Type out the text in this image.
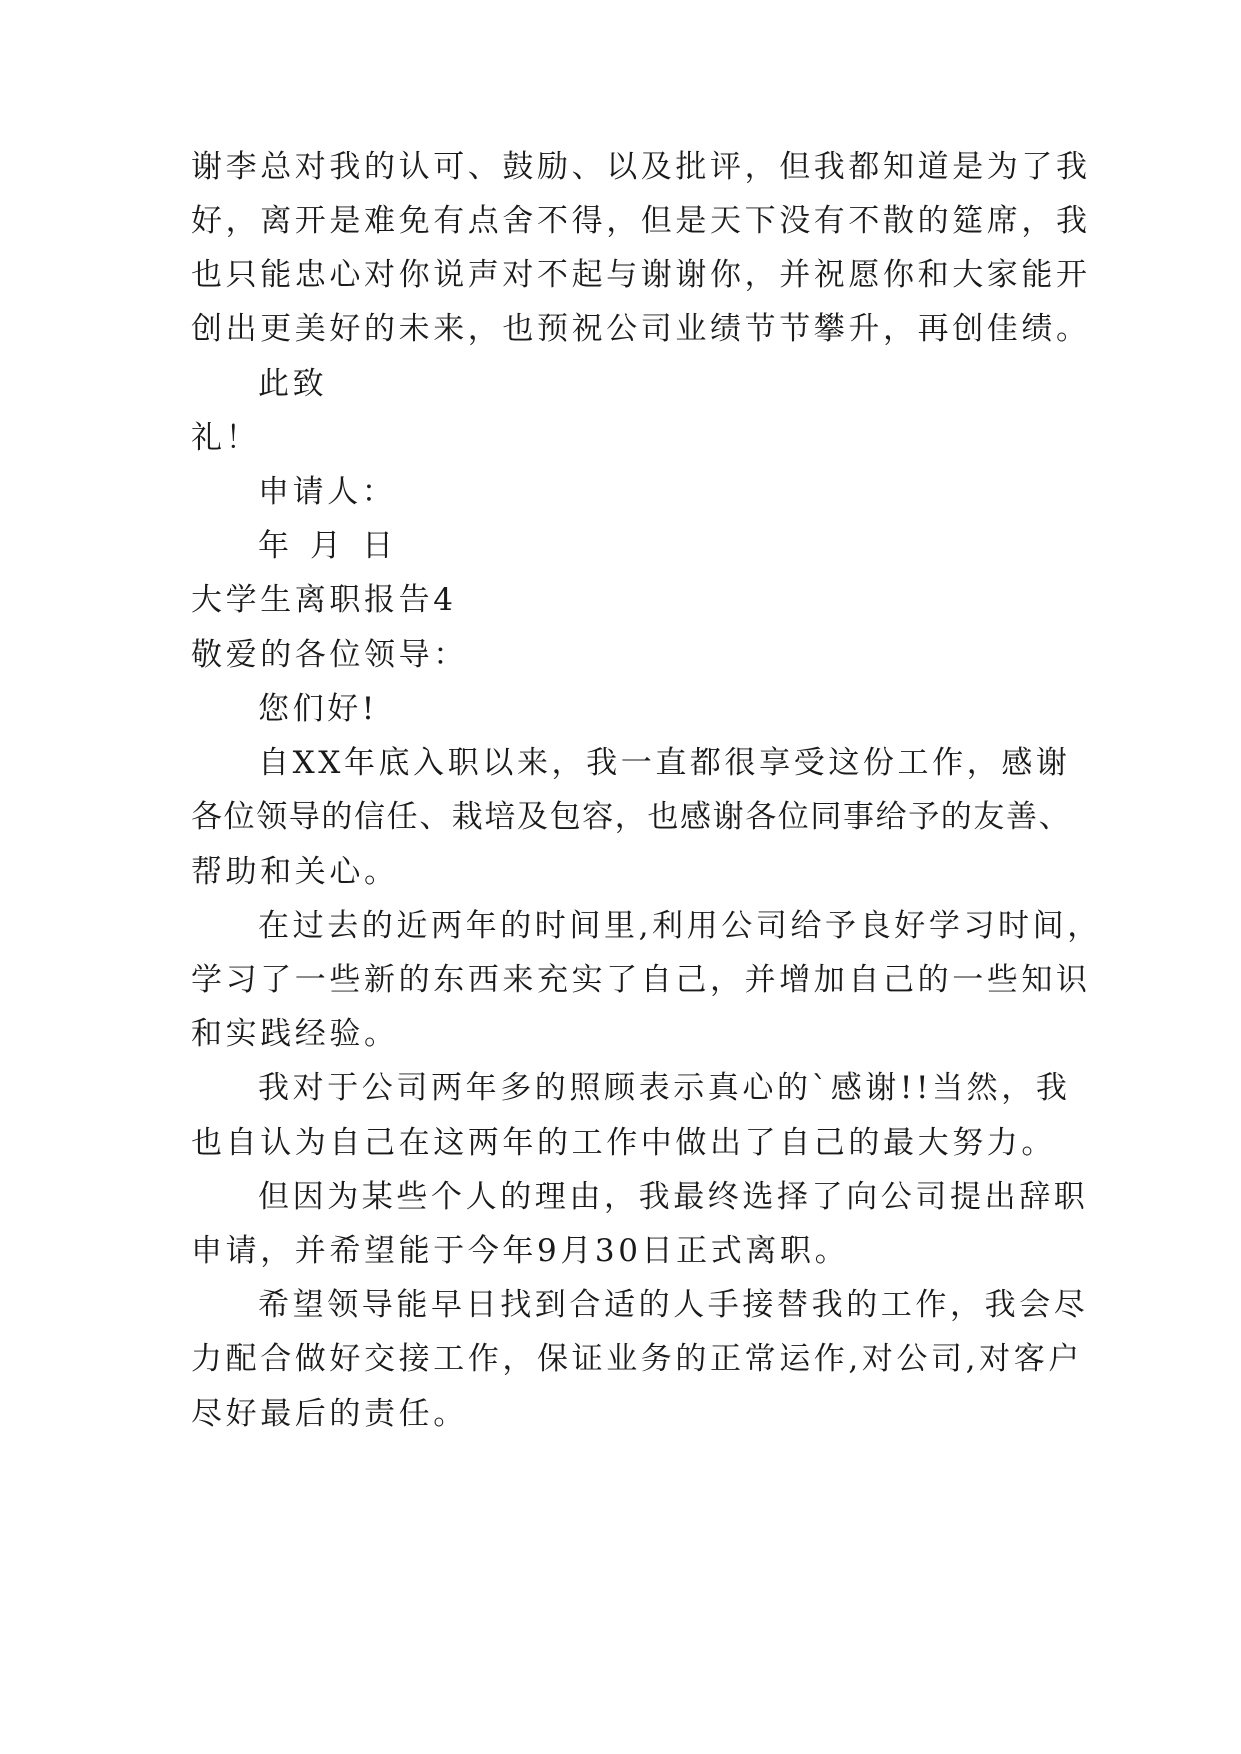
谢李总对我的认可、鼓励、以及批评，但我都知道是为了我
好，离开是难免有点舍不得，但是天下没有不散的筵席，我
也只能忠心对你说声对不起与谢谢你，并祝愿你和大家能开
创出更美好的未来，也预祝公司业绩节节攀升，再创佳绩。
此致
礼！
申请人：
年 月 日
大学生离职报告4
敬爱的各位领导：
您们好!
自XX年底入职以来，我一直都很享受这份工作，感谢
各位领导的信任、栽培及包容，也感谢各位同事给予的友善、
帮助和关心。
在过去的近两年的时间里,利用公司给予良好学习时间，
学习了一些新的东西来充实了自己，并增加自己的一些知识
和实践经验。
我对于公司两年多的照顾表示真心的`感谢!!当然，我
也自认为自己在这两年的工作中做出了自己的最大努力。
但因为某些个人的理由，我最终选择了向公司提出辞职
申请，并希望能于今年9月30日正式离职。
希望领导能早日找到合适的人手接替我的工作，我会尽
力配合做好交接工作，保证业务的正常运作,对公司,对客户
尽好最后的责任。
